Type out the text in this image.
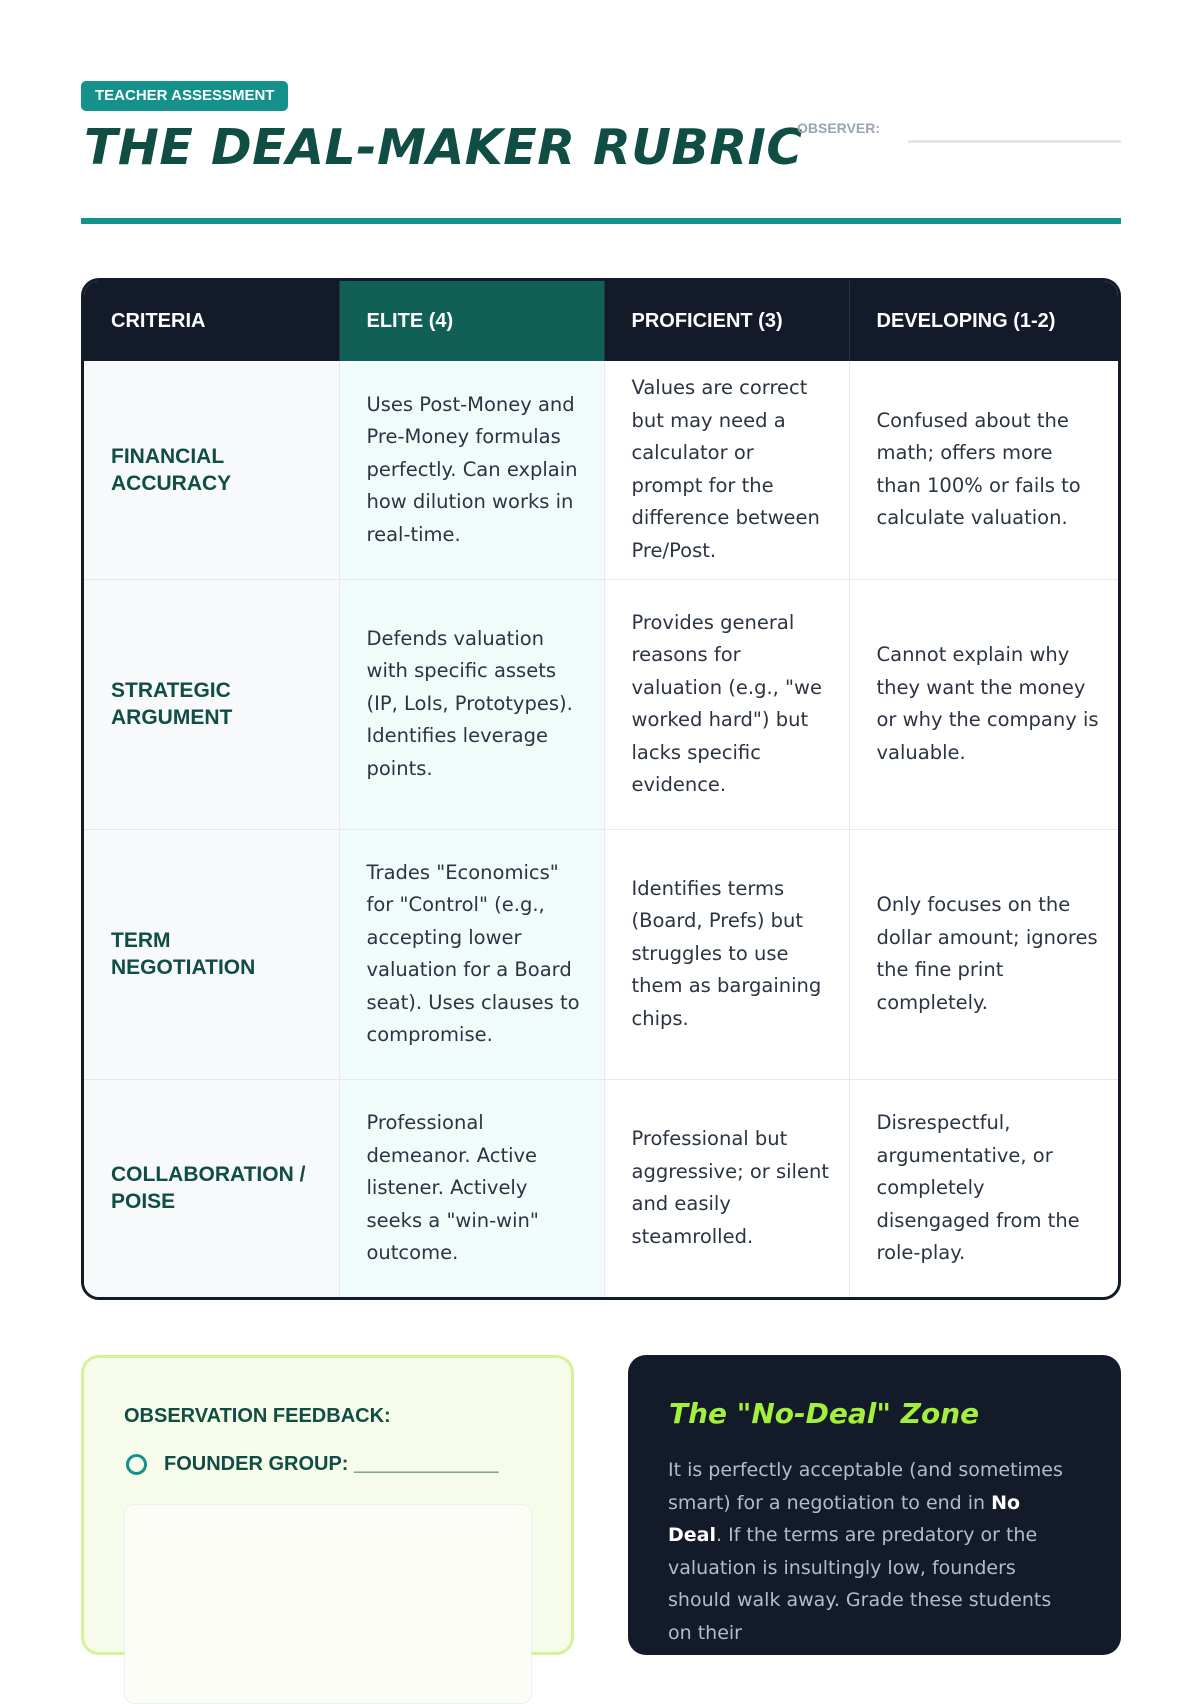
TEACHER ASSESSMENT
THE DEAL-MAKER RUBRIC
OBSERVER:
CRITERIA	ELITE (4)	PROFICIENT (3)	DEVELOPING (1-2)
FINANCIAL ACCURACY	Uses Post-Money and Pre-Money formulas perfectly. Can explain how dilution works in real-time.	Values are correct but may need a calculator or prompt for the difference between Pre/Post.	Confused about the math; offers more than 100% or fails to calculate valuation.
STRATEGIC ARGUMENT	Defends valuation with specific assets (IP, LoIs, Prototypes). Identifies leverage points.	Provides general reasons for valuation (e.g., "we worked hard") but lacks specific evidence.	Cannot explain why they want the money or why the company is valuable.
TERM NEGOTIATION	Trades "Economics" for "Control" (e.g., accepting lower valuation for a Board seat). Uses clauses to compromise.	Identifies terms (Board, Prefs) but struggles to use them as bargaining chips.	Only focuses on the dollar amount; ignores the fine print completely.
COLLABORATION / POISE	Professional demeanor. Active listener. Actively seeks a "win-win" outcome.	Professional but aggressive; or silent and easily steamrolled.	Disrespectful, argumentative, or completely disengaged from the role-play.
OBSERVATION FEEDBACK:
FOUNDER GROUP: _____________
The "No-Deal" Zone

It is perfectly acceptable (and sometimes smart) for a negotiation to end in No Deal. If the terms are predatory or the valuation is insultingly low, founders should walk away. Grade these students on their
